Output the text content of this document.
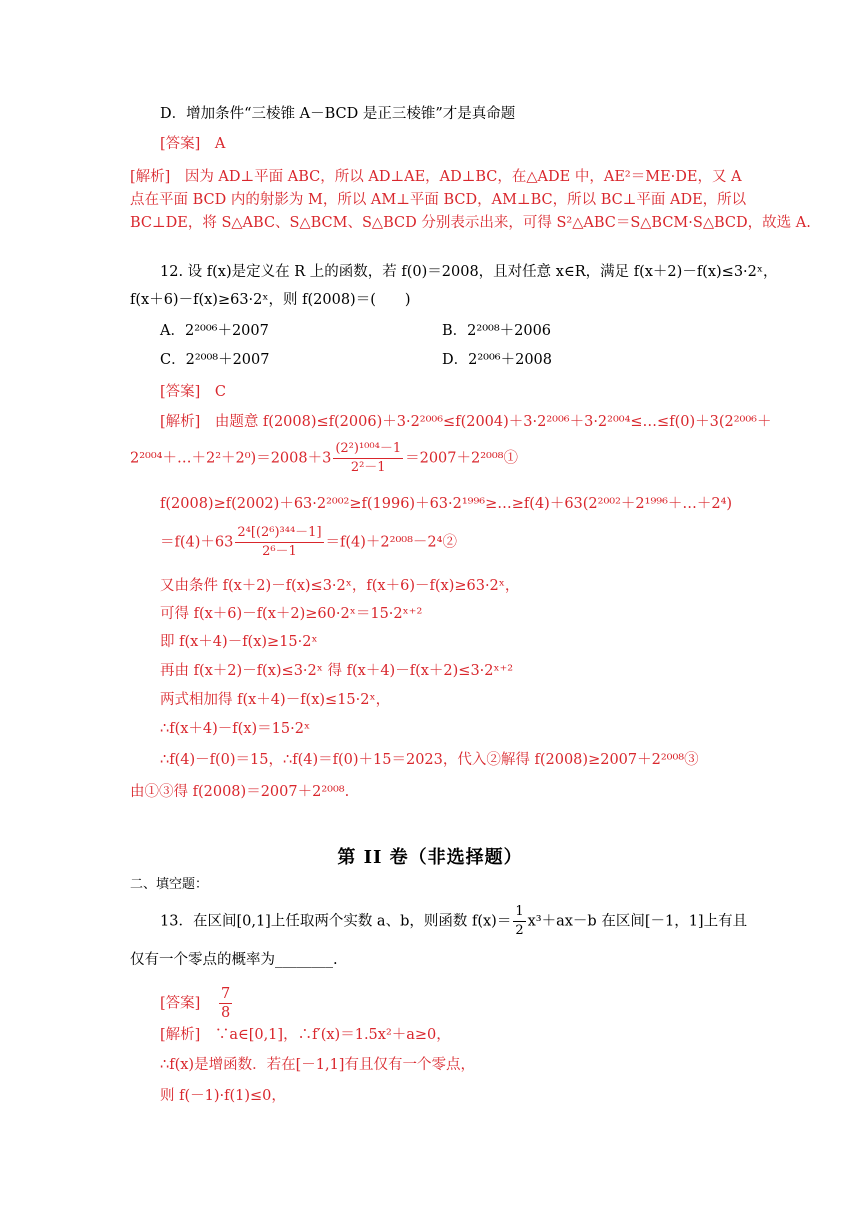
D．增加条件“三棱锥 A－BCD 是正三棱锥”才是真命题
[答案]　A
[解析]　因为 AD⊥平面 ABC，所以 AD⊥AE，AD⊥BC，在△ADE 中，AE²＝ME·DE，又 A
点在平面 BCD 内的射影为 M，所以 AM⊥平面 BCD，AM⊥BC，所以 BC⊥平面 ADE，所以
BC⊥DE，将 S△ABC、S△BCM、S△BCD 分别表示出来，可得 S²△ABC＝S△BCM·S△BCD，故选 A.
12. 设 f(x)是定义在 R 上的函数，若 f(0)＝2008，且对任意 x∈R，满足 f(x＋2)－f(x)≤3·2ˣ，
f(x＋6)－f(x)≥63·2ˣ，则 f(2008)＝(　　)
A．2²⁰⁰⁶＋2007	B．2²⁰⁰⁸＋2006
C．2²⁰⁰⁸＋2007	D．2²⁰⁰⁶＋2008
[答案]　C
[解析]　由题意 f(2008)≤f(2006)＋3·2²⁰⁰⁶≤f(2004)＋3·2²⁰⁰⁶＋3·2²⁰⁰⁴≤…≤f(0)＋3(2²⁰⁰⁶＋
2²⁰⁰⁴＋…＋2²＋2⁰)＝2008＋3 $\frac{\text{(2²)¹⁰⁰⁴－1}}{\text{2²－1}}$ ＝2007＋2²⁰⁰⁸①
f(2008)≥f(2002)＋63·2²⁰⁰²≥f(1996)＋63·2¹⁹⁹⁶≥…≥f(4)＋63(2²⁰⁰²＋2¹⁹⁹⁶＋…＋2⁴)
$=f(4)+63 \frac{\text{2⁴[(2⁶)³⁴⁴－1]}}{\text{2⁶－1}}$ ＝f(4)＋2²⁰⁰⁸－2⁴②
又由条件 f(x＋2)－f(x)≤3·2ˣ，f(x＋6)－f(x)≥63·2ˣ，
可得 f(x＋6)－f(x＋2)≥60·2ˣ＝15·2ˣ⁺²
即 f(x＋4)－f(x)≥15·2ˣ
再由 f(x＋2)－f(x)≤3·2ˣ 得 f(x＋4)－f(x＋2)≤3·2ˣ⁺²
两式相加得 f(x＋4)－f(x)≤15·2ˣ，
∴f(x＋4)－f(x)＝15·2ˣ
∴f(4)－f(0)＝15，∴f(4)＝f(0)＋15＝2023，代入②解得 f(2008)≥2007＋2²⁰⁰⁸③
由①③得 f(2008)＝2007＋2²⁰⁰⁸.
第 II 卷（非选择题）
二、填空题：
13．在区间[0,1]上任取两个实数 a、b，则函数 $f(x)= \frac{1}{2} x^3+ax-b$ 在区间[－1，1]上有且
仅有一个零点的概率为________.
[答案] $\frac{7}{8}$
[解析]　∵a∈[0,1]，∴f′(x)＝1.5x²＋a≥0，
∴f(x)是增函数．若在[－1,1]有且仅有一个零点，
则 f(－1)·f(1)≤0，
